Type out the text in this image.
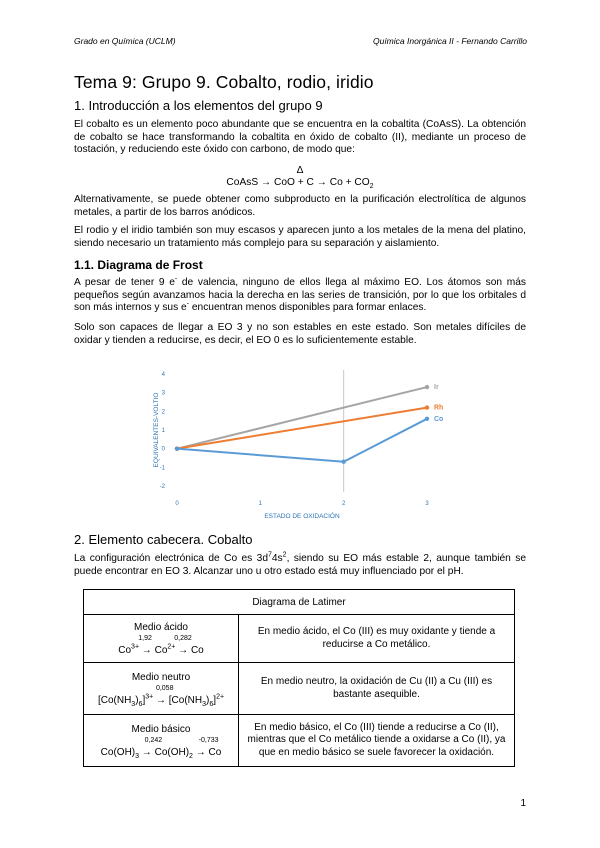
Grado en Química (UCLM)	Química Inorgánica II - Fernando Carrillo
Tema 9: Grupo 9. Cobalto, rodio, iridio
1. Introducción a los elementos del grupo 9
El cobalto es un elemento poco abundante que se encuentra en la cobaltita (CoAsS). La obtención de cobalto se hace transformando la cobaltita en óxido de cobalto (II), mediante un proceso de tostación, y reduciendo este óxido con carbono, de modo que:
Δ
CoAsS → CoO + $C \to Co + CO_2$
Alternativamente, se puede obtener como subproducto en la purificación electrolítica de algunos metales, a partir de los barros anódicos.
El rodio y el iridio también son muy escasos y aparecen junto a los metales de la mena del platino, siendo necesario un tratamiento más complejo para su separación y aislamiento.
1.1. Diagrama de Frost
A pesar de tener 9 e- de valencia, ninguno de ellos llega al máximo EO. Los átomos son más pequeños según avanzamos hacia la derecha en las series de transición, por lo que los orbitales d son más internos y sus e- encuentran menos disponibles para formar enlaces.
Solo son capaces de llegar a EO 3 y no son estables en este estado. Son metales difíciles de oxidar y tienden a reducirse, es decir, el EO 0 es lo suficientemente estable.
4
3
2
1
0
-1
-2
0	1	2	3
ESTADO DE OXIDACIÓN
EQUIVALENTES-VOLTIO
Ir
Rh
Co
2. Elemento cabecera. Cobalto
La configuración electrónica de Co es $3d^74s^2$, siendo su EO más estable 2, aunque también se puede encontrar en EO 3. Alcanzar uno u otro estado está muy influenciado por el pH.
Diagrama de Latimer	

Medio ácido
1,92 0,282
$Co^{3+} \to Co^{2+} \to Co$	En medio ácido, el Co (III) es muy oxidante y tiende a reducirse a Co metálico.

Medio neutro
0,058
$[Co(NH_3)_6]^{3+} \to [Co(NH_3)_6]^{2+}$	En medio neutro, la oxidación de Cu (II) a Cu (III) es bastante asequible.

Medio básico
0,242 -0,733
$Co(OH)_3 \to Co(OH)_2 \to Co$	En medio básico, el Co (III) tiende a reducirse a Co (II), mientras que el Co metálico tiende a oxidarse a Co (II), ya que en medio básico se suele favorecer la oxidación.
1
